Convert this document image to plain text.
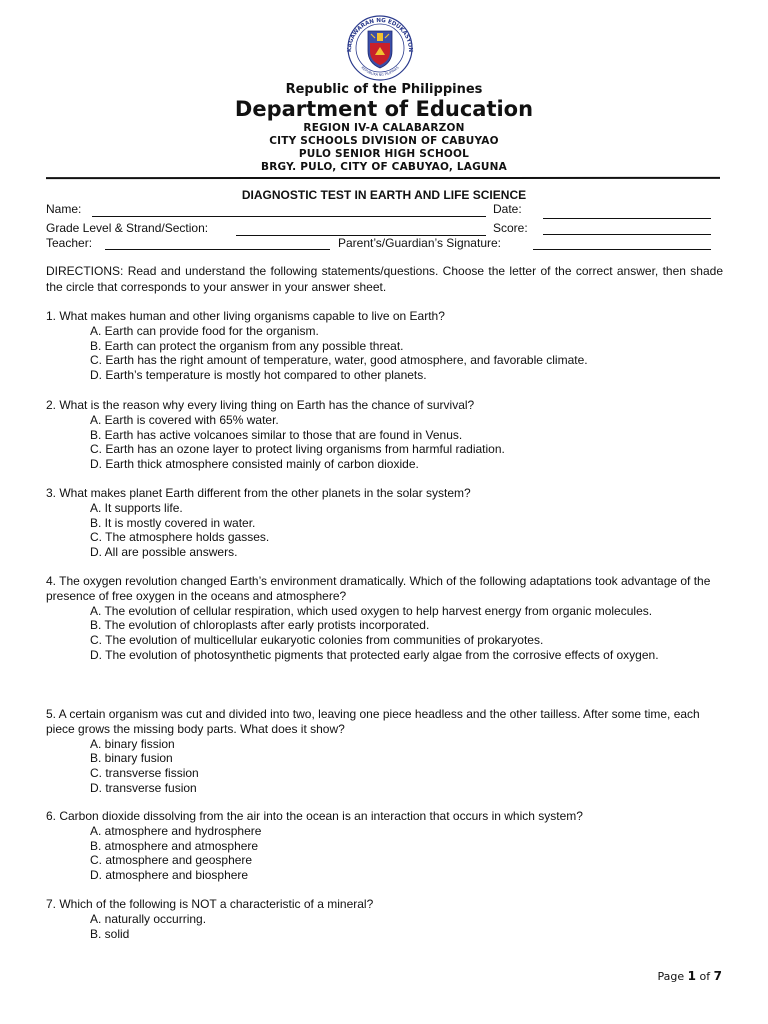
KAGAWARAN NG EDUKASYON
REPUBLIKA NG PILIPINAS
Republic of the Philippines
Department of Education
REGION IV-A CALABARZON
CITY SCHOOLS DIVISION OF CABUYAO
PULO SENIOR HIGH SCHOOL
BRGY. PULO, CITY OF CABUYAO, LAGUNA
DIAGNOSTIC TEST IN EARTH AND LIFE SCIENCE
Name:	Date:
Grade Level & Strand/Section:	Score:
Teacher:	Parent’s/Guardian’s Signature:
DIRECTIONS: Read and understand the following statements/questions. Choose the letter of the correct answer, then shade the circle that corresponds to your answer in your answer sheet.

1. What makes human and other living organisms capable to live on Earth?

A. Earth can provide food for the organism.

B. Earth can protect the organism from any possible threat.

C. Earth has the right amount of temperature, water, good atmosphere, and favorable climate.

D. Earth’s temperature is mostly hot compared to other planets.

2. What is the reason why every living thing on Earth has the chance of survival?

A. Earth is covered with 65% water.

B. Earth has active volcanoes similar to those that are found in Venus.

C. Earth has an ozone layer to protect living organisms from harmful radiation.

D. Earth thick atmosphere consisted mainly of carbon dioxide.

3. What makes planet Earth different from the other planets in the solar system?

A. It supports life.

B. It is mostly covered in water.

C. The atmosphere holds gasses.

D. All are possible answers.

4. The oxygen revolution changed Earth’s environment dramatically. Which of the following adaptations took advantage of the presence of free oxygen in the oceans and atmosphere?

A. The evolution of cellular respiration, which used oxygen to help harvest energy from organic molecules.

B. The evolution of chloroplasts after early protists incorporated.

C. The evolution of multicellular eukaryotic colonies from communities of prokaryotes.

D. The evolution of photosynthetic pigments that protected early algae from the corrosive effects of oxygen.

5. A certain organism was cut and divided into two, leaving one piece headless and the other tailless. After some time, each piece grows the missing body parts. What does it show?

A. binary fission

B. binary fusion

C. transverse fission

D. transverse fusion

6. Carbon dioxide dissolving from the air into the ocean is an interaction that occurs in which system?

A. atmosphere and hydrosphere

B. atmosphere and atmosphere

C. atmosphere and geosphere

D. atmosphere and biosphere

7. Which of the following is NOT a characteristic of a mineral?

A. naturally occurring.

B. solid

Page 1 of 7
